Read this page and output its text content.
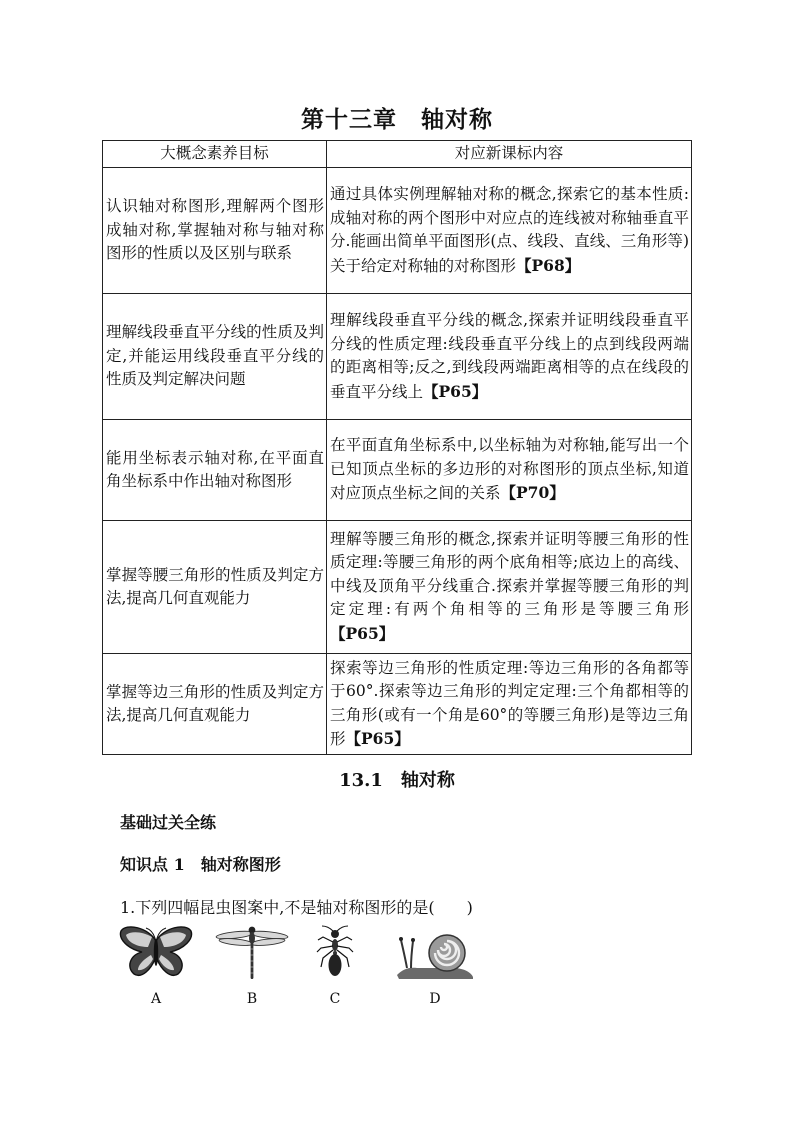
第十三章　轴对称
大概念素养目标	对应新课标内容
认识轴对称图形,理解两个图形成轴对称,掌握轴对称与轴对称图形的性质以及区别与联系	通过具体实例理解轴对称的概念,探索它的基本性质:成轴对称的两个图形中对应点的连线被对称轴垂直平分.能画出简单平面图形(点、线段、直线、三角形等)关于给定对称轴的对称图形【P68】
理解线段垂直平分线的性质及判定,并能运用线段垂直平分线的性质及判定解决问题	理解线段垂直平分线的概念,探索并证明线段垂直平分线的性质定理:线段垂直平分线上的点到线段两端的距离相等;反之,到线段两端距离相等的点在线段的垂直平分线上【P65】
能用坐标表示轴对称,在平面直角坐标系中作出轴对称图形	在平面直角坐标系中,以坐标轴为对称轴,能写出一个已知顶点坐标的多边形的对称图形的顶点坐标,知道对应顶点坐标之间的关系【P70】
掌握等腰三角形的性质及判定方法,提高几何直观能力	理解等腰三角形的概念,探索并证明等腰三角形的性质定理:等腰三角形的两个底角相等;底边上的高线、中线及顶角平分线重合.探索并掌握等腰三角形的判定定理:有两个角相等的三角形是等腰三角形【P65】
掌握等边三角形的性质及判定方法,提高几何直观能力	探索等边三角形的性质定理:等边三角形的各角都等于60°.探索等边三角形的判定定理:三个角都相等的三角形(或有一个角是60°的等腰三角形)是等边三角形【P65】
13.1　轴对称
基础过关全练
知识点 1　轴对称图形
1.下列四幅昆虫图案中,不是轴对称图形的是(　　)
A	B	C	D
